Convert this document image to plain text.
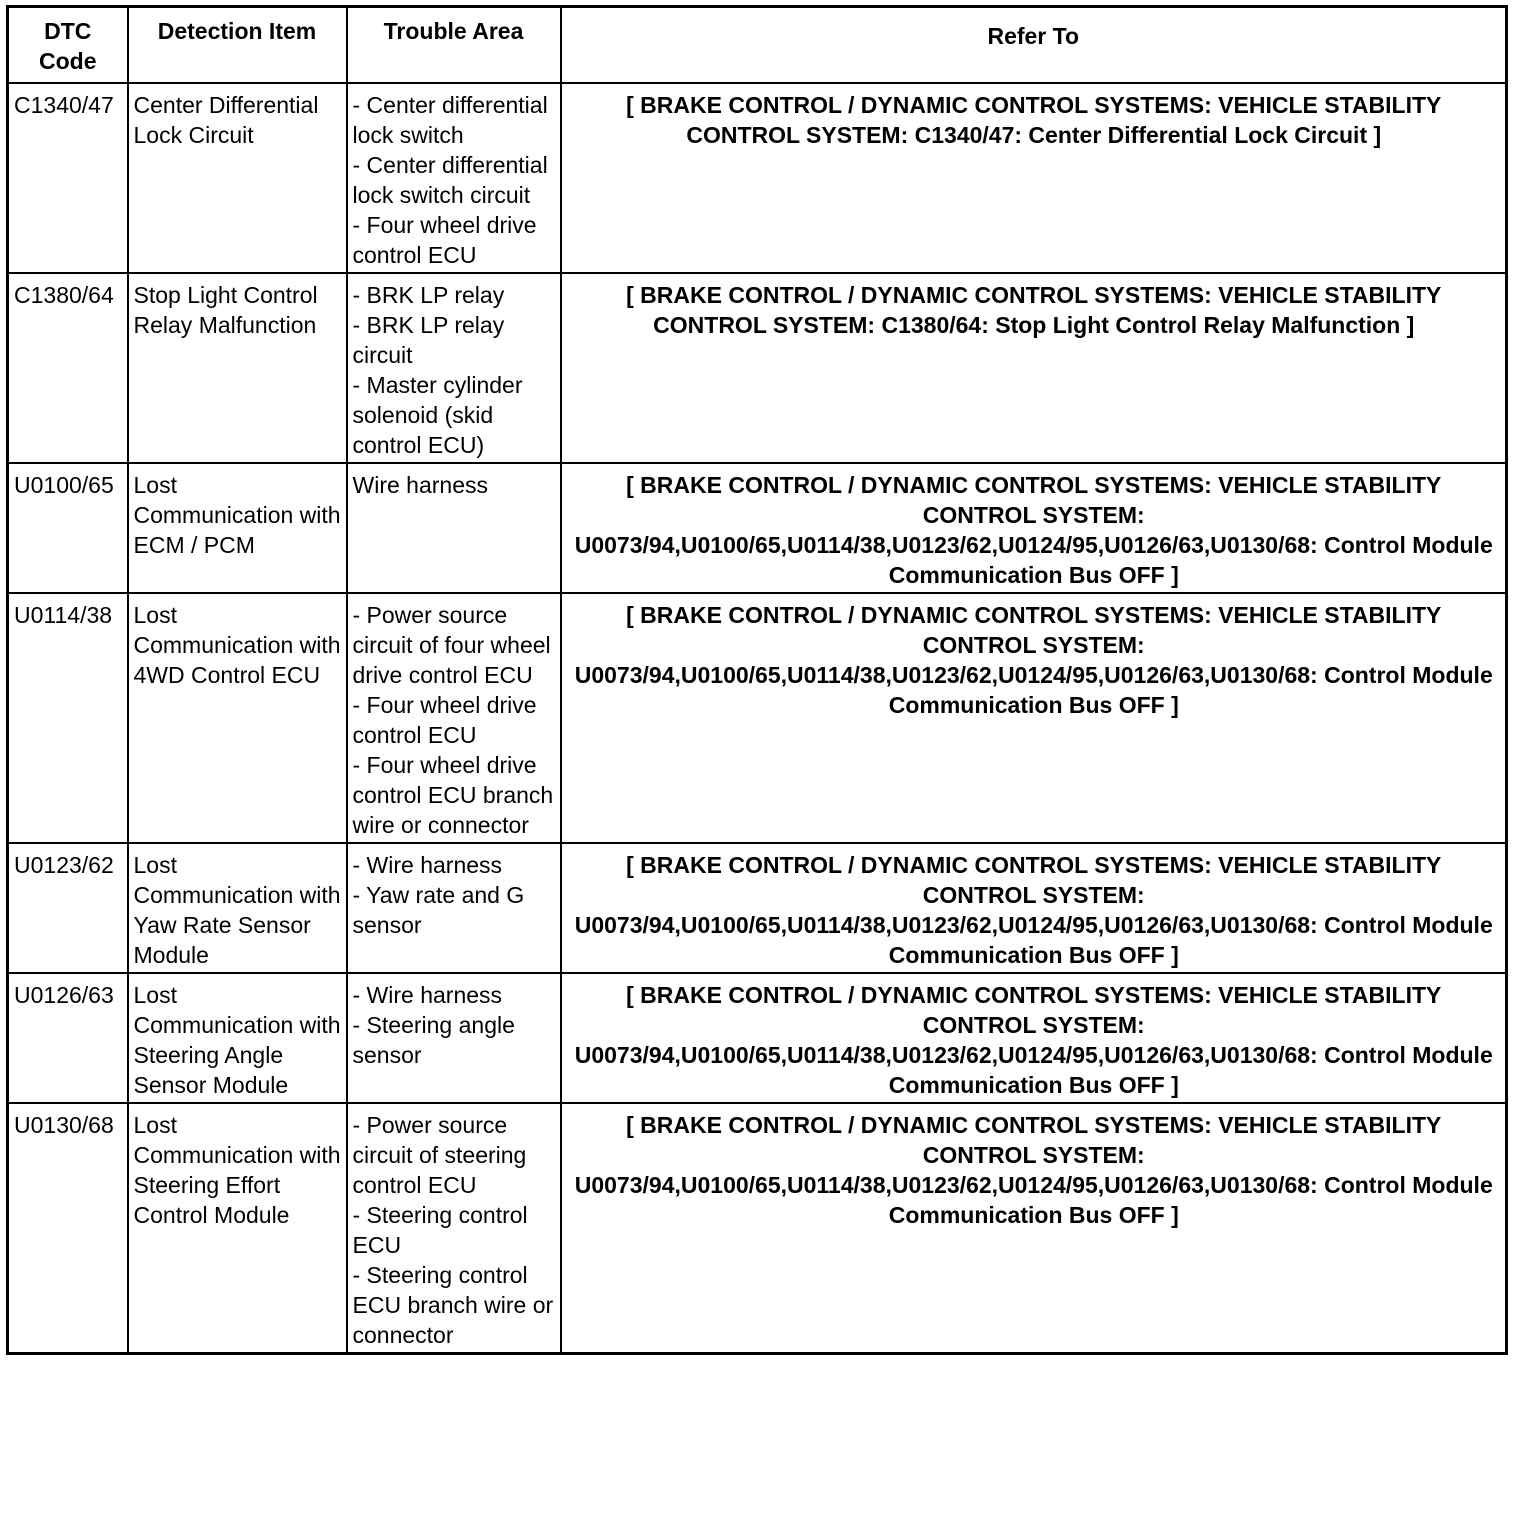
DTC Code	Detection Item	Trouble Area	Refer To
C1340/47	Center Differential Lock Circuit	- Center differential lock switch
- Center differential lock switch circuit
- Four wheel drive control ECU	[ BRAKE CONTROL / DYNAMIC CONTROL SYSTEMS: VEHICLE STABILITY CONTROL SYSTEM: C1340/47: Center Differential Lock Circuit ]
C1380/64	Stop Light Control Relay Malfunction	- BRK LP relay
- BRK LP relay circuit
- Master cylinder solenoid (skid control ECU)	[ BRAKE CONTROL / DYNAMIC CONTROL SYSTEMS: VEHICLE STABILITY CONTROL SYSTEM: C1380/64: Stop Light Control Relay Malfunction ]
U0100/65	Lost Communication with ECM / PCM	Wire harness	[ BRAKE CONTROL / DYNAMIC CONTROL SYSTEMS: VEHICLE STABILITY CONTROL SYSTEM: U0073/94,U0100/65,U0114/38,U0123/62,U0124/95,U0126/63,U0130/68: Control Module Communication Bus OFF ]
U0114/38	Lost Communication with 4WD Control ECU	- Power source circuit of four wheel drive control ECU
- Four wheel drive control ECU
- Four wheel drive control ECU branch wire or connector	[ BRAKE CONTROL / DYNAMIC CONTROL SYSTEMS: VEHICLE STABILITY CONTROL SYSTEM: U0073/94,U0100/65,U0114/38,U0123/62,U0124/95,U0126/63,U0130/68: Control Module Communication Bus OFF ]
U0123/62	Lost Communication with Yaw Rate Sensor Module	- Wire harness
- Yaw rate and G sensor	[ BRAKE CONTROL / DYNAMIC CONTROL SYSTEMS: VEHICLE STABILITY CONTROL SYSTEM: U0073/94,U0100/65,U0114/38,U0123/62,U0124/95,U0126/63,U0130/68: Control Module Communication Bus OFF ]
U0126/63	Lost Communication with Steering Angle Sensor Module	- Wire harness
- Steering angle sensor	[ BRAKE CONTROL / DYNAMIC CONTROL SYSTEMS: VEHICLE STABILITY CONTROL SYSTEM: U0073/94,U0100/65,U0114/38,U0123/62,U0124/95,U0126/63,U0130/68: Control Module Communication Bus OFF ]
U0130/68	Lost Communication with Steering Effort Control Module	- Power source circuit of steering control ECU
- Steering control ECU
- Steering control ECU branch wire or connector	[ BRAKE CONTROL / DYNAMIC CONTROL SYSTEMS: VEHICLE STABILITY CONTROL SYSTEM: U0073/94,U0100/65,U0114/38,U0123/62,U0124/95,U0126/63,U0130/68: Control Module Communication Bus OFF ]
